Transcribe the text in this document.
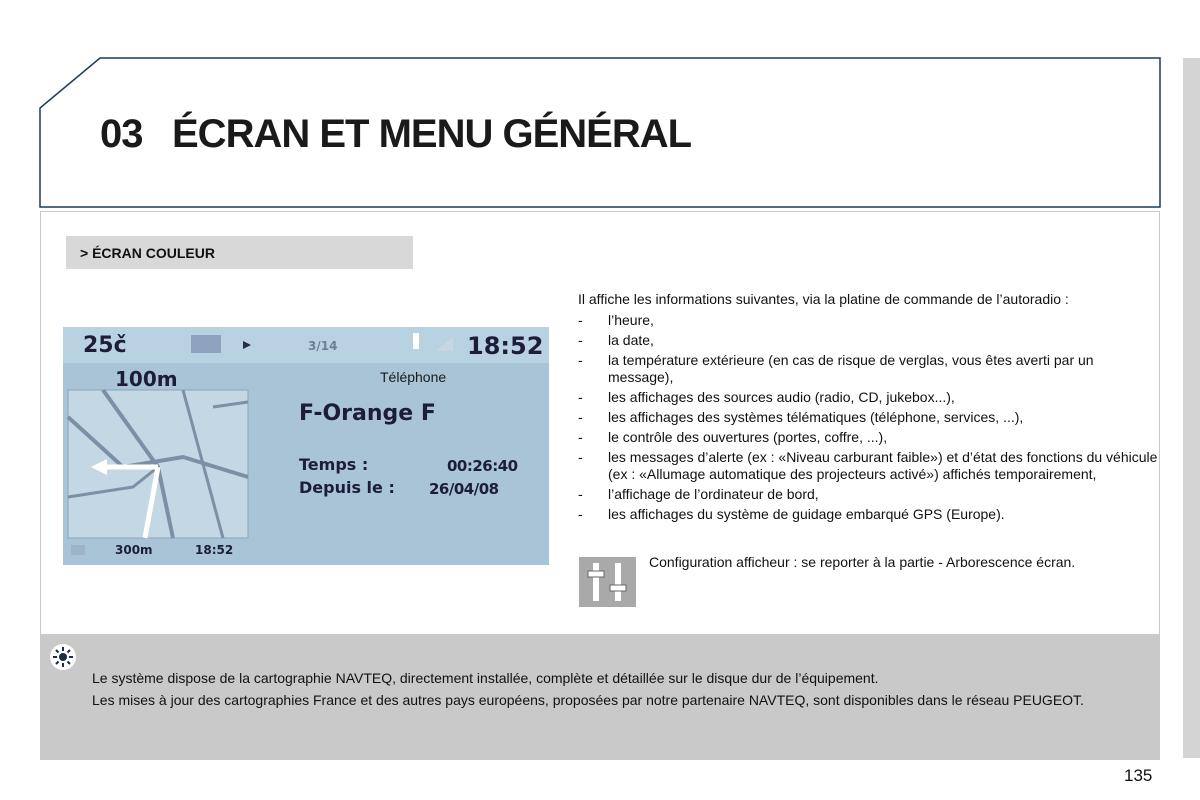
03 ÉCRAN ET MENU GÉNÉRAL
> ÉCRAN COULEUR
25č	3/14	18:52
100m	Téléphone
F-Orange F
Temps :	00:26:40
Depuis le : 26/04/08
300m	18:52
Il affiche les informations suivantes, via la platine de commande de l’autoradio :
- l’heure,
- la date,
- la température extérieure (en cas de risque de verglas, vous êtes averti par un message),
- les affichages des sources audio (radio, CD, jukebox...),
- les affichages des systèmes télématiques (téléphone, services, ...),
- le contrôle des ouvertures (portes, coffre, ...),
- les messages d’alerte (ex : «Niveau carburant faible») et d’état des fonctions du véhicule (ex : «Allumage automatique des projecteurs activé») affichés temporairement,
- l’affichage de l’ordinateur de bord,
- les affichages du système de guidage embarqué GPS (Europe).
Configuration afficheur : se reporter à la partie - Arborescence écran.
Le système dispose de la cartographie NAVTEQ, directement installée, complète et détaillée sur le disque dur de l’équipement.
Les mises à jour des cartographies France et des autres pays européens, proposées par notre partenaire NAVTEQ, sont disponibles dans le réseau PEUGEOT.
135
